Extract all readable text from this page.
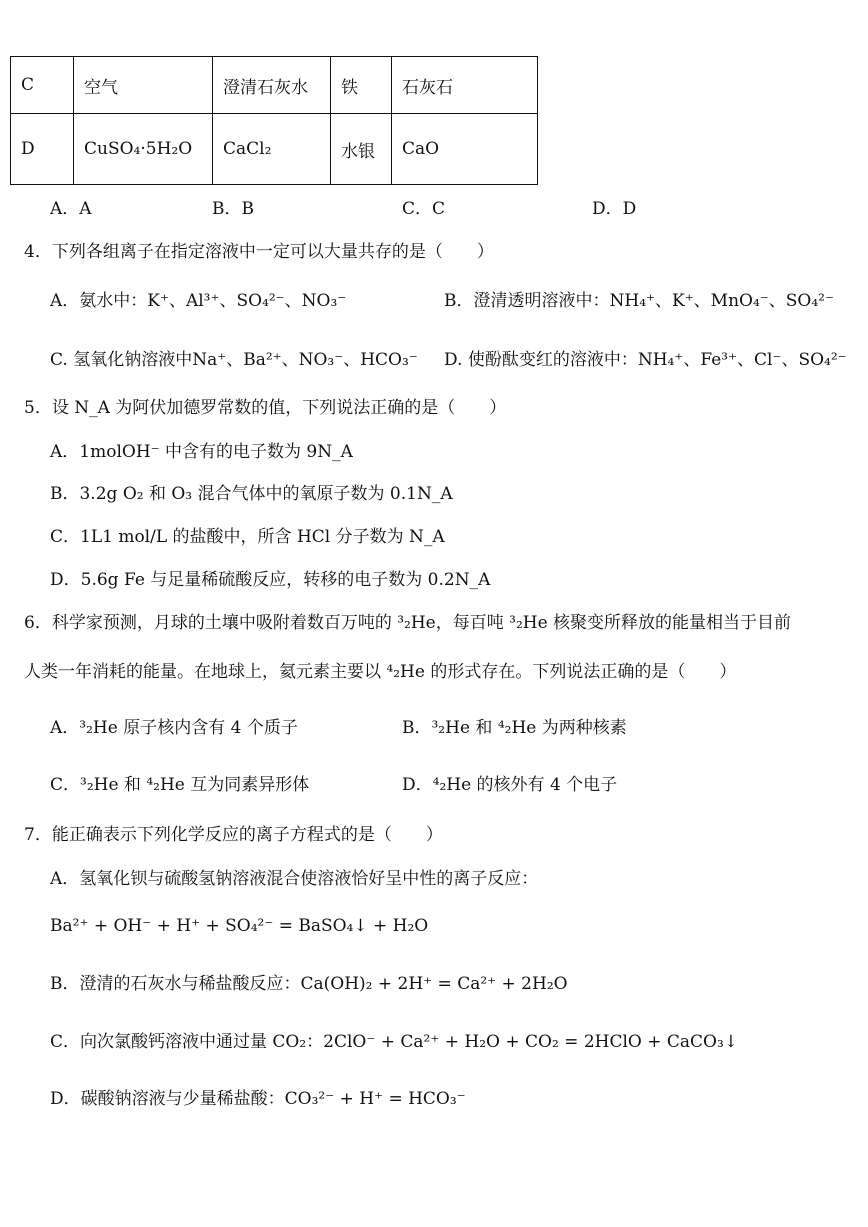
C	空气	澄清石灰水	铁	石灰石
D	CuSO₄·5H₂O	CaCl₂	水银	CaO
A．A	B．B	C．C	D．D
4．下列各组离子在指定溶液中一定可以大量共存的是（　　）
A．氨水中：K⁺、Al³⁺、SO₄²⁻、NO₃⁻	B．澄清透明溶液中：NH₄⁺、K⁺、MnO₄⁻、SO₄²⁻
C. 氢氧化钠溶液中Na⁺、Ba²⁺、NO₃⁻、HCO₃⁻ D. 使酚酞变红的溶液中：NH₄⁺、Fe³⁺、Cl⁻、SO₄²⁻
5．设 N_A 为阿伏加德罗常数的值，下列说法正确的是（　　）
A．1molOH⁻ 中含有的电子数为 9N_A
B．3.2g O₂ 和 O₃ 混合气体中的氧原子数为 0.1N_A
C．1L1 mol/L 的盐酸中，所含 HCl 分子数为 N_A
D．5.6g Fe 与足量稀硫酸反应，转移的电子数为 0.2N_A
6．科学家预测，月球的土壤中吸附着数百万吨的 ³₂He，每百吨 ³₂He 核聚变所释放的能量相当于目前
人类一年消耗的能量。在地球上，氦元素主要以 ⁴₂He 的形式存在。下列说法正确的是（　　）
A．³₂He 原子核内含有 4 个质子	B．³₂He 和 ⁴₂He 为两种核素
C．³₂He 和 ⁴₂He 互为同素异形体	D．⁴₂He 的核外有 4 个电子
7．能正确表示下列化学反应的离子方程式的是（　　）
A．氢氧化钡与硫酸氢钠溶液混合使溶液恰好呈中性的离子反应：
Ba²⁺ + OH⁻ + H⁺ + SO₄²⁻ = BaSO₄↓ + H₂O
B．澄清的石灰水与稀盐酸反应：Ca(OH)₂ + 2H⁺ = Ca²⁺ + 2H₂O
C．向次氯酸钙溶液中通过量 CO₂：2ClO⁻ + Ca²⁺ + H₂O + CO₂ = 2HClO + CaCO₃↓
D．碳酸钠溶液与少量稀盐酸：CO₃²⁻ + H⁺ = HCO₃⁻
